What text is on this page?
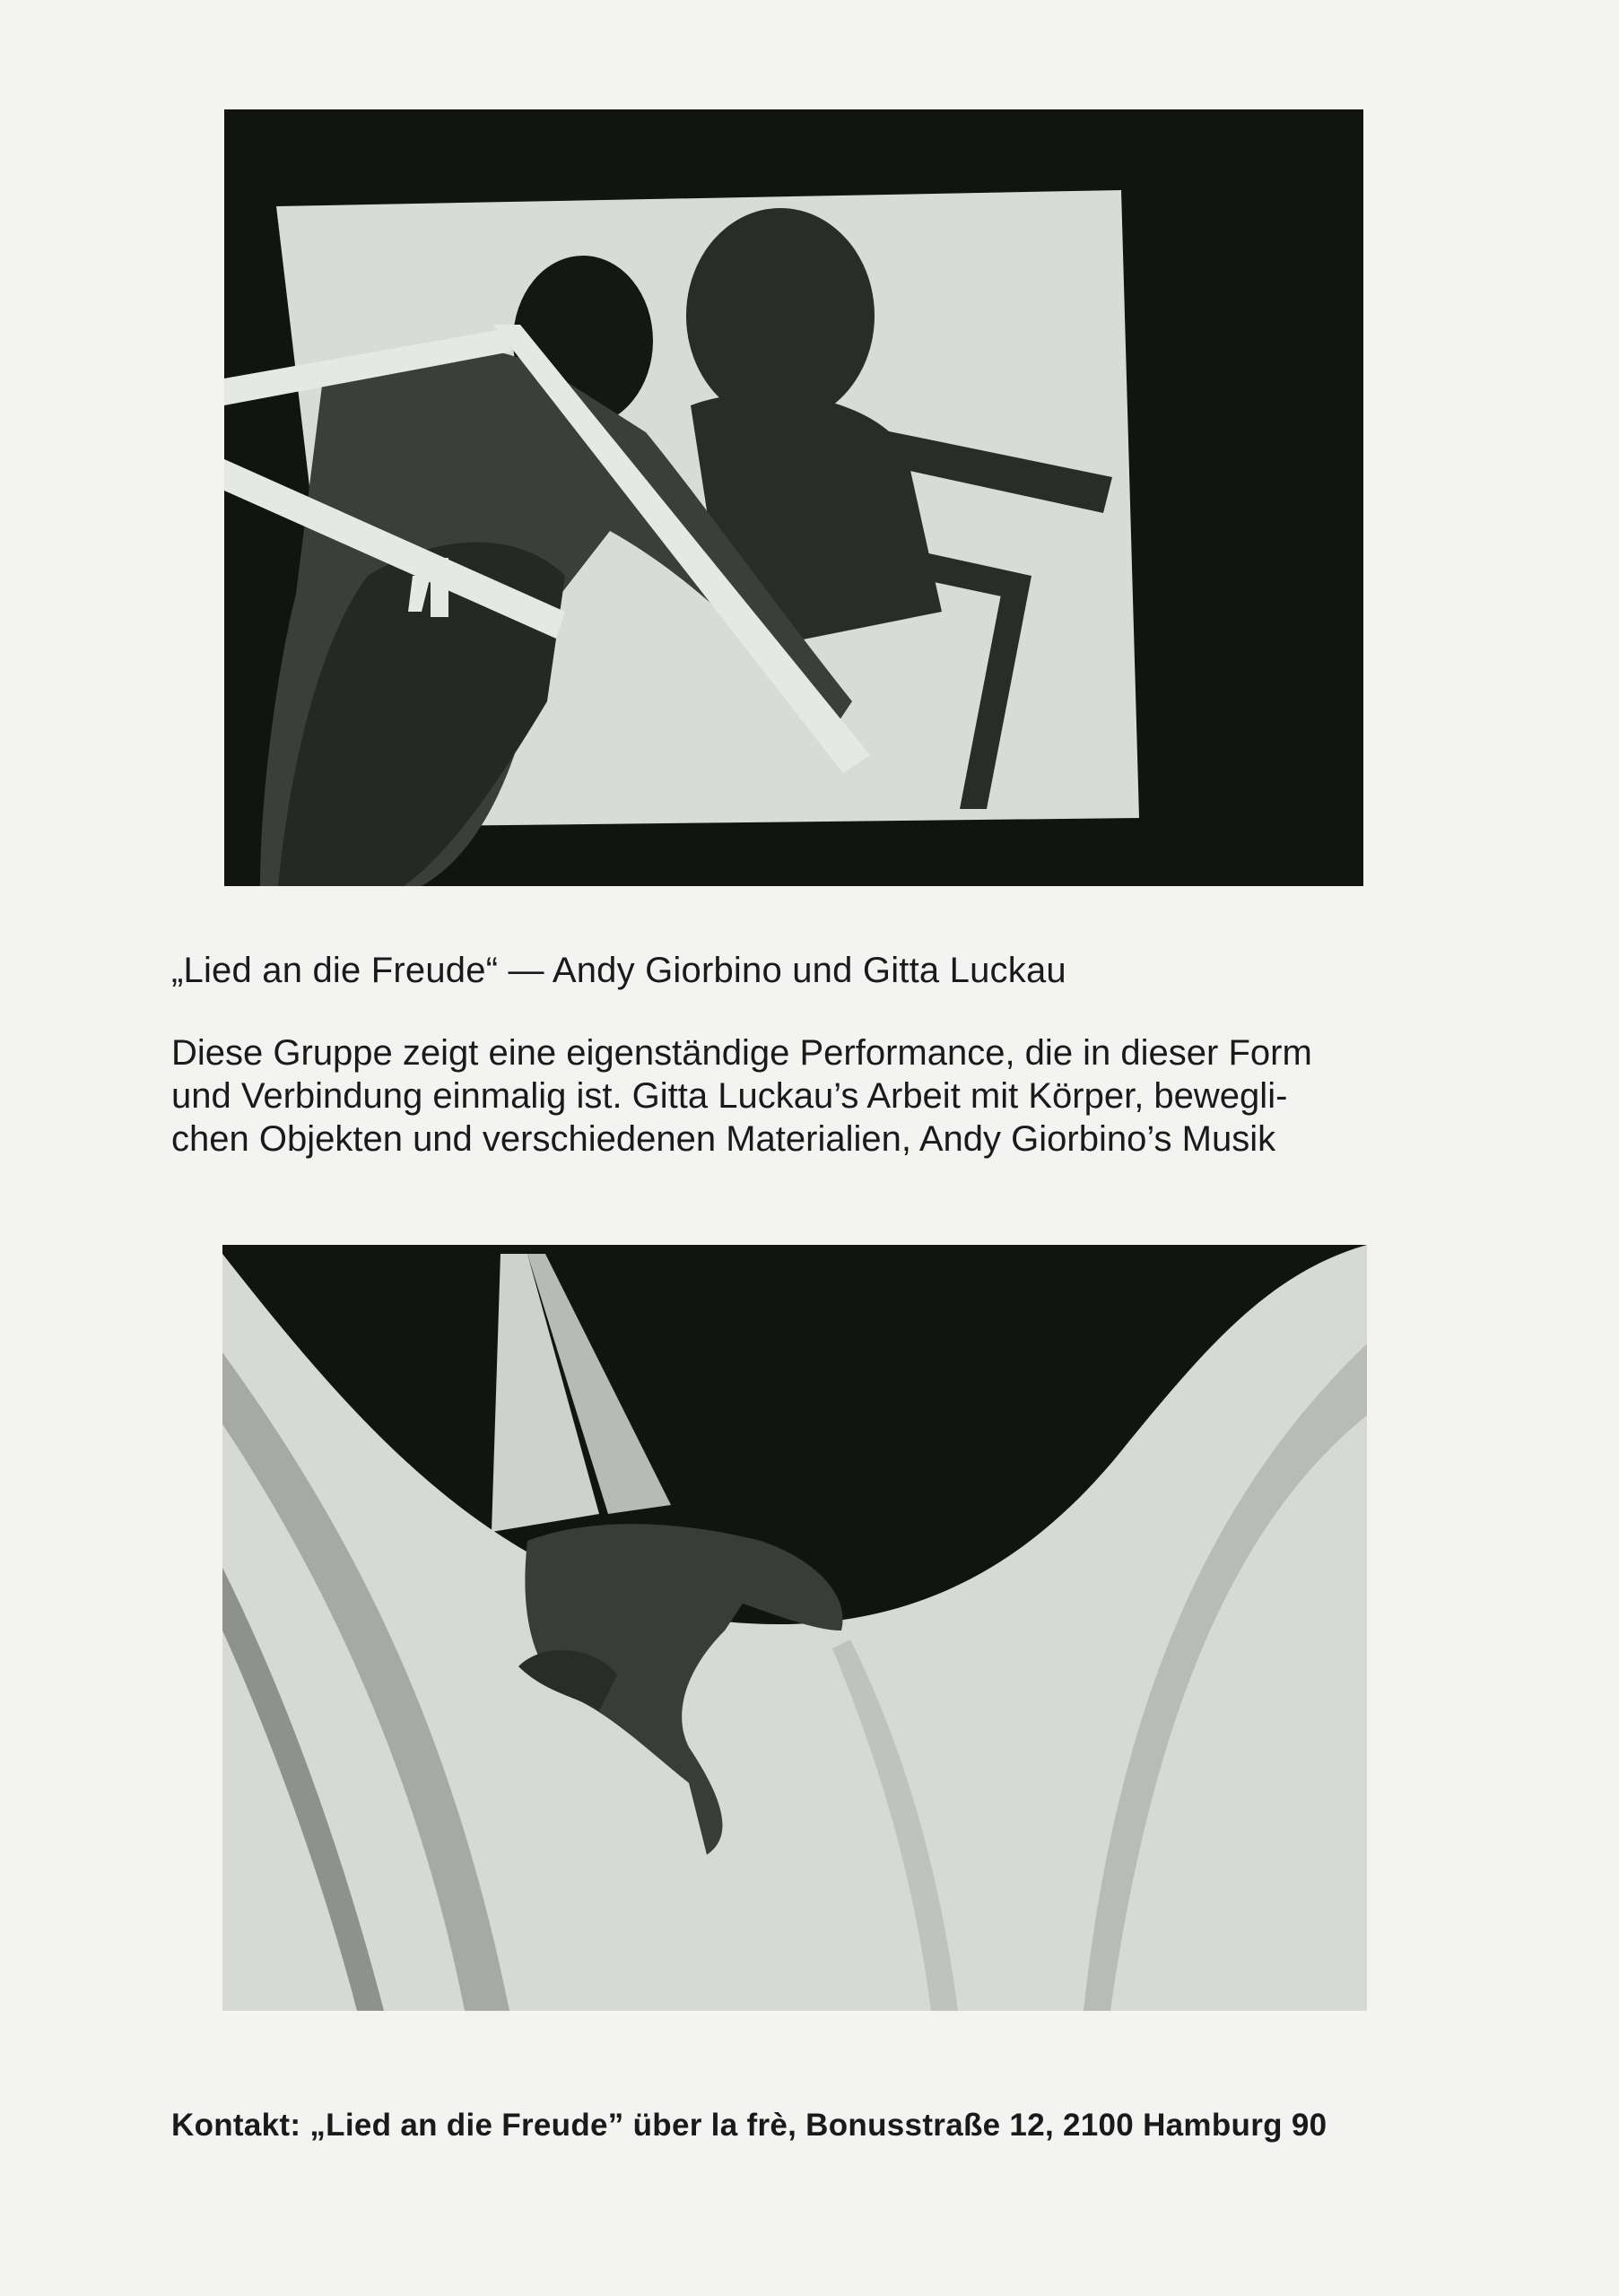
„Lied an die Freude“ — Andy Giorbino und Gitta Luckau
Diese Gruppe zeigt eine eigenständige Performance, die in dieser Form
und Verbindung einmalig ist. Gitta Luckau’s Arbeit mit Körper, bewegli-
chen Objekten und verschiedenen Materialien, Andy Giorbino’s Musik
Kontakt: „Lied an die Freude” über la frè, Bonusstraße 12, 2100 Hamburg 90
